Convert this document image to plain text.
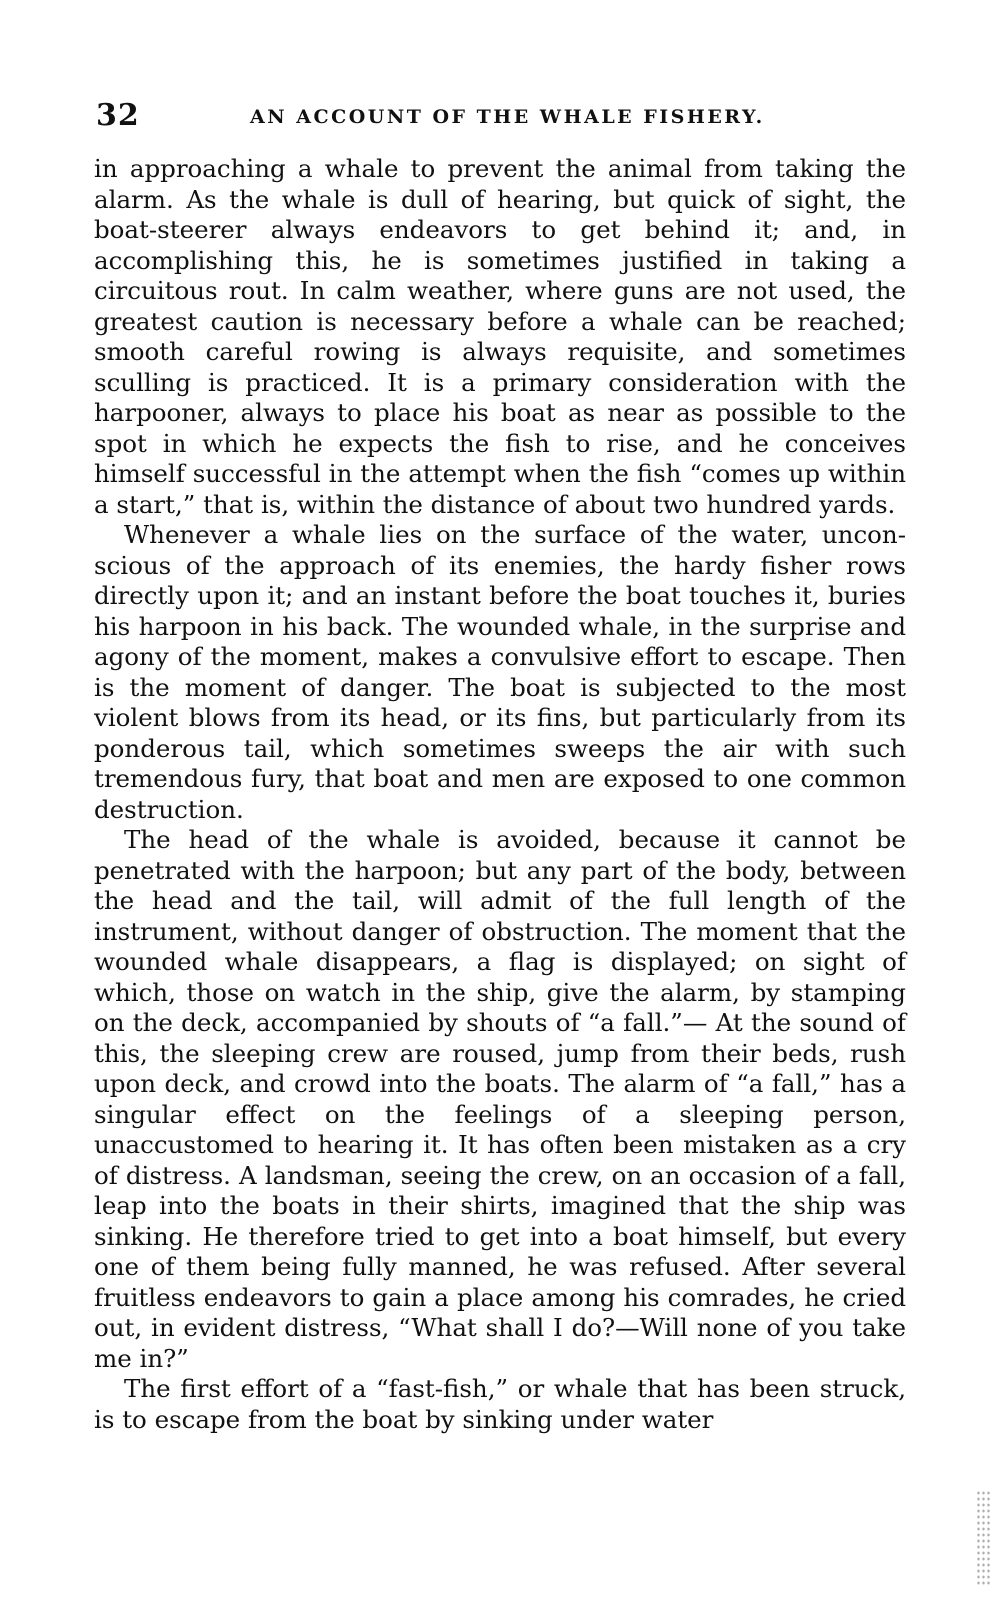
32	AN ACCOUNT OF THE WHALE FISHERY.

in approaching a whale to prevent the animal from taking the alarm. As the whale is dull of hearing, but quick of sight, the boat-steerer always endeavors to get behind it; and, in accomplishing this, he is sometimes justified in taking a circuitous rout. In calm weather, where guns are not used, the greatest caution is necessary before a whale can be reached; smooth careful rowing is always requisite, and sometimes sculling is practiced. It is a primary consideration with the harpooner, always to place his boat as near as possible to the spot in which he expects the fish to rise, and he conceives himself successful in the attempt when the fish “comes up within a start,” that is, within the distance of about two hundred yards.

Whenever a whale lies on the surface of the water, unconscious of the approach of its enemies, the hardy fisher rows directly upon it; and an instant before the boat touches it, buries his harpoon in his back. The wounded whale, in the surprise and agony of the moment, makes a convulsive effort to escape. Then is the moment of danger. The boat is subjected to the most violent blows from its head, or its fins, but particularly from its ponderous tail, which sometimes sweeps the air with such tremendous fury, that boat and men are exposed to one common destruction.

The head of the whale is avoided, because it cannot be penetrated with the harpoon; but any part of the body, between the head and the tail, will admit of the full length of the instrument, without danger of obstruction. The moment that the wounded whale disappears, a flag is displayed; on sight of which, those on watch in the ship, give the alarm, by stamping on the deck, accompanied by shouts of “a fall.”— At the sound of this, the sleeping crew are roused, jump from their beds, rush upon deck, and crowd into the boats. The alarm of “a fall,” has a singular effect on the feelings of a sleeping person, unaccustomed to hearing it. It has often been mistaken as a cry of distress. A landsman, seeing the crew, on an occasion of a fall, leap into the boats in their shirts, imagined that the ship was sinking. He therefore tried to get into a boat himself, but every one of them being fully manned, he was refused. After several fruitless endeavors to gain a place among his comrades, he cried out, in evident distress, “What shall I do?—Will none of you take me in?”

The first effort of a “fast-fish,” or whale that has been struck, is to escape from the boat by sinking under water
